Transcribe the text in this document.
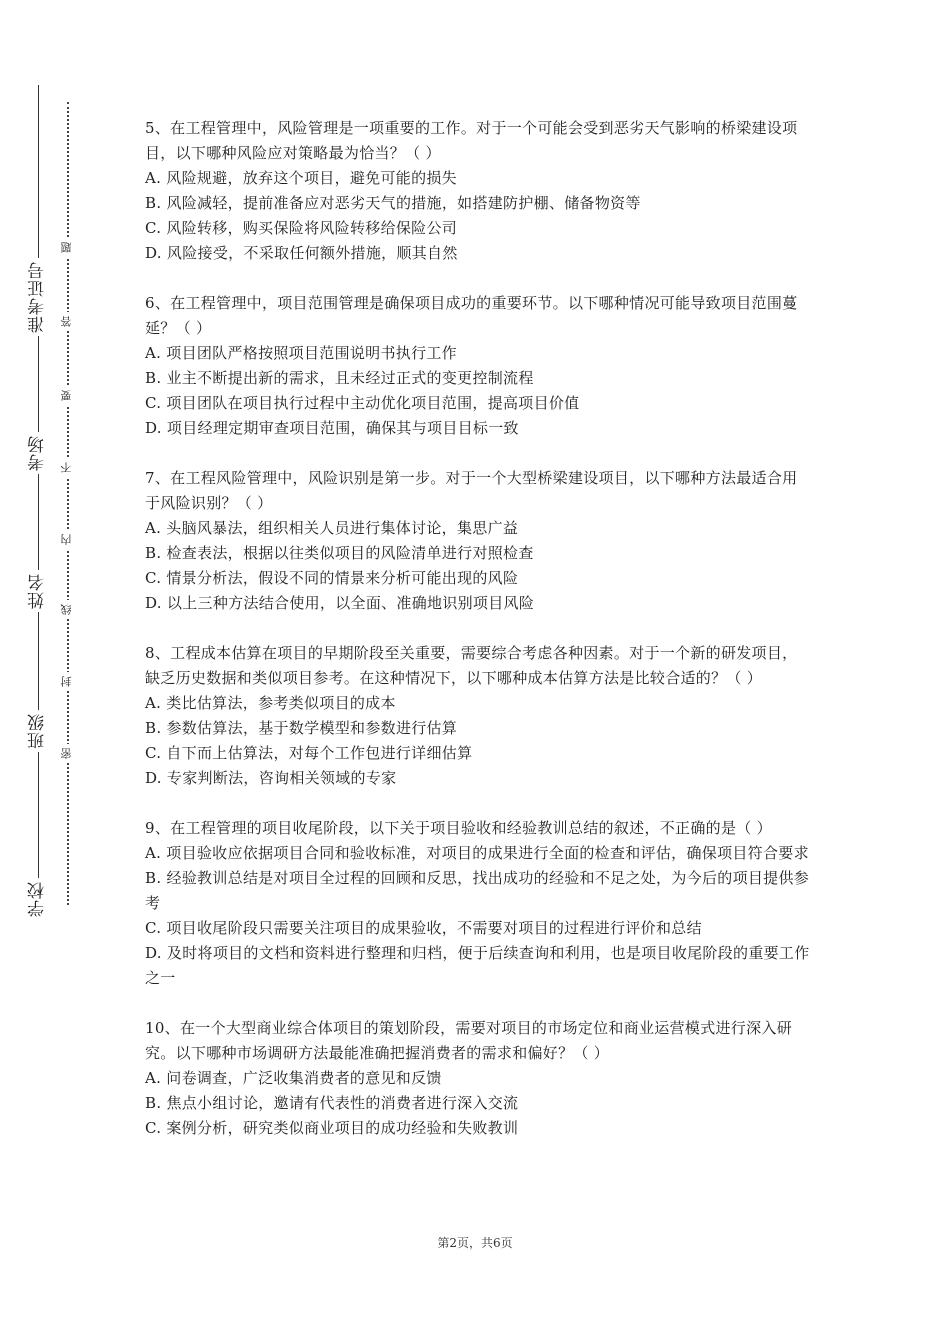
准考证号
考场
姓名
班级
学校
题
答
要
不
内
线
封
密

5、在工程管理中，风险管理是一项重要的工作。对于一个可能会受到恶劣天气影响的桥梁建设项目，以下哪种风险应对策略最为恰当？（ ）

A. 风险规避，放弃这个项目，避免可能的损失

B. 风险减轻，提前准备应对恶劣天气的措施，如搭建防护棚、储备物资等

C. 风险转移，购买保险将风险转移给保险公司

D. 风险接受，不采取任何额外措施，顺其自然

6、在工程管理中，项目范围管理是确保项目成功的重要环节。以下哪种情况可能导致项目范围蔓延？（ ）

A. 项目团队严格按照项目范围说明书执行工作

B. 业主不断提出新的需求，且未经过正式的变更控制流程

C. 项目团队在项目执行过程中主动优化项目范围，提高项目价值

D. 项目经理定期审查项目范围，确保其与项目目标一致

7、在工程风险管理中，风险识别是第一步。对于一个大型桥梁建设项目，以下哪种方法最适合用于风险识别？（ ）

A. 头脑风暴法，组织相关人员进行集体讨论，集思广益

B. 检查表法，根据以往类似项目的风险清单进行对照检查

C. 情景分析法，假设不同的情景来分析可能出现的风险

D. 以上三种方法结合使用，以全面、准确地识别项目风险

8、工程成本估算在项目的早期阶段至关重要，需要综合考虑各种因素。对于一个新的研发项目，缺乏历史数据和类似项目参考。在这种情况下，以下哪种成本估算方法是比较合适的？（ ）

A. 类比估算法，参考类似项目的成本

B. 参数估算法，基于数学模型和参数进行估算

C. 自下而上估算法，对每个工作包进行详细估算

D. 专家判断法，咨询相关领域的专家

9、在工程管理的项目收尾阶段，以下关于项目验收和经验教训总结的叙述，不正确的是（ ）

A. 项目验收应依据项目合同和验收标准，对项目的成果进行全面的检查和评估，确保项目符合要求

B. 经验教训总结是对项目全过程的回顾和反思，找出成功的经验和不足之处，为今后的项目提供参考

C. 项目收尾阶段只需要关注项目的成果验收，不需要对项目的过程进行评价和总结

D. 及时将项目的文档和资料进行整理和归档，便于后续查询和利用，也是项目收尾阶段的重要工作之一

10、在一个大型商业综合体项目的策划阶段，需要对项目的市场定位和商业运营模式进行深入研究。以下哪种市场调研方法最能准确把握消费者的需求和偏好？（ ）

A. 问卷调查，广泛收集消费者的意见和反馈

B. 焦点小组讨论，邀请有代表性的消费者进行深入交流

C. 案例分析，研究类似商业项目的成功经验和失败教训

第2页，共6页
